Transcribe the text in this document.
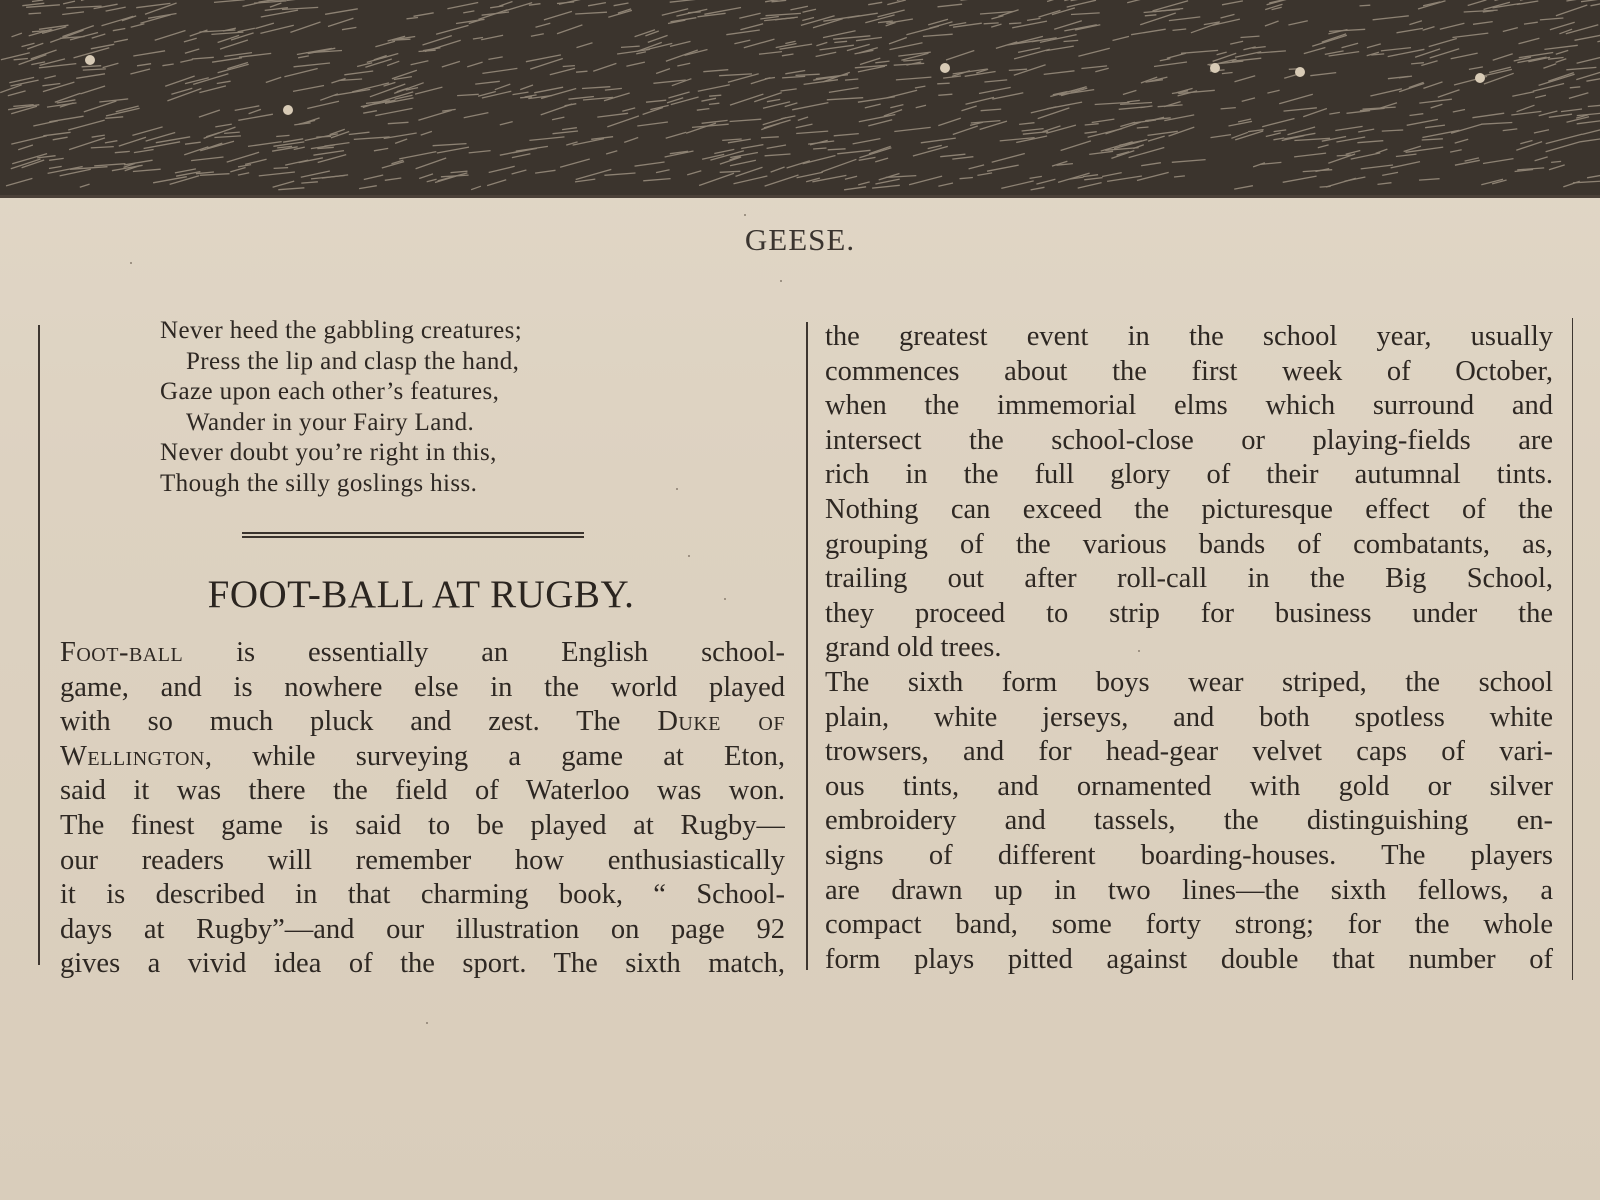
GEESE.
Never heed the gabbling creatures;
Press the lip and clasp the hand,
Gaze upon each other’s features,
Wander in your Fairy Land.
Never doubt you’re right in this,
Though the silly goslings hiss.
FOOT-BALL AT RUGBY.
Foot-ball is essentially an English school-
game, and is nowhere else in the world played
with so much pluck and zest. The Duke of
Wellington, while surveying a game at Eton,
said it was there the field of Waterloo was won.
The finest game is said to be played at Rugby—
our readers will remember how enthusiastically
it is described in that charming book, “ School-
days at Rugby”—and our illustration on page 92
gives a vivid idea of the sport. The sixth match,
the greatest event in the school year, usually
commences about the first week of October,
when the immemorial elms which surround and
intersect the school-close or playing-fields are
rich in the full glory of their autumnal tints.
Nothing can exceed the picturesque effect of the
grouping of the various bands of combatants, as,
trailing out after roll-call in the Big School,
they proceed to strip for business under the
grand old trees.
The sixth form boys wear striped, the school
plain, white jerseys, and both spotless white
trowsers, and for head-gear velvet caps of vari-
ous tints, and ornamented with gold or silver
embroidery and tassels, the distinguishing en-
signs of different boarding-houses. The players
are drawn up in two lines—the sixth fellows, a
compact band, some forty strong; for the whole
form plays pitted against double that number of
